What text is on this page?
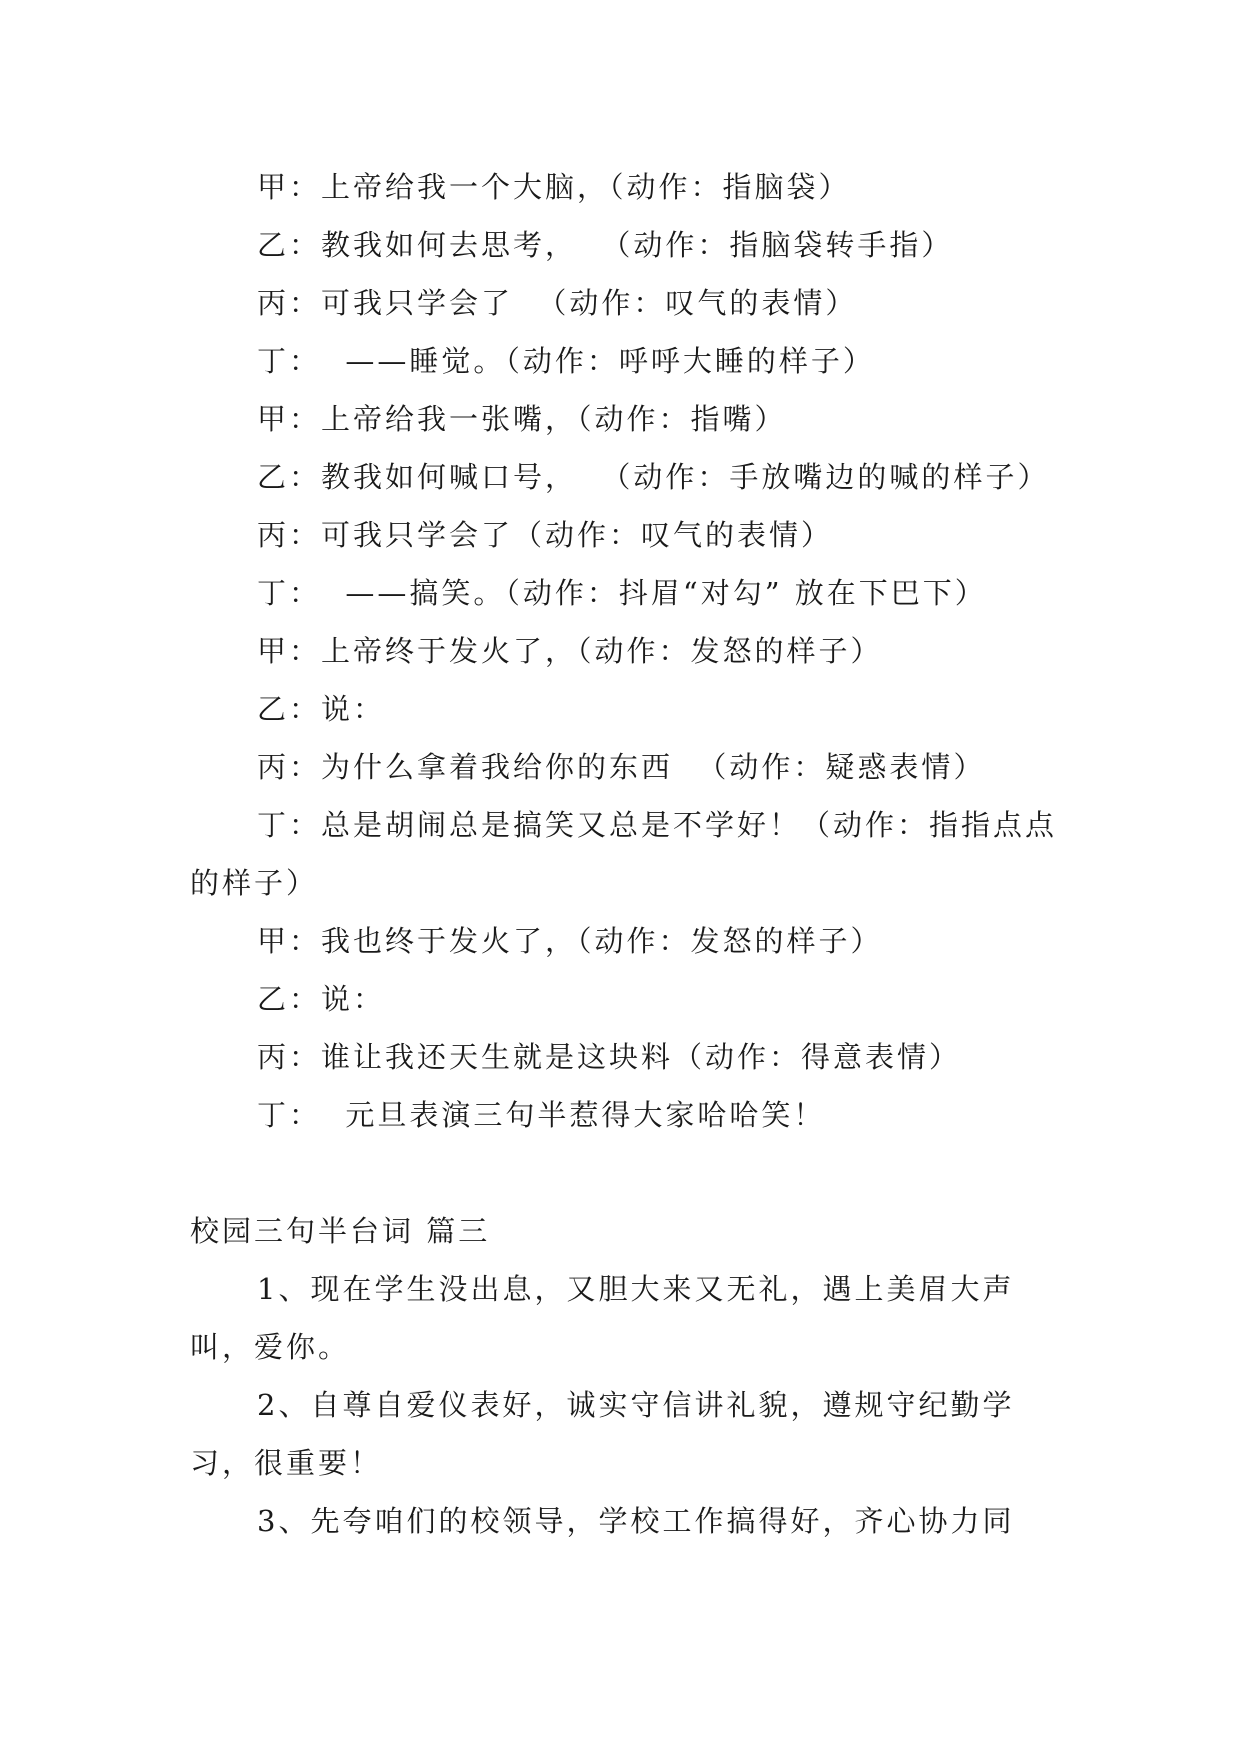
甲：上帝给我一个大脑，（动作：指脑袋）

乙：教我如何去思考，  （动作：指脑袋转手指）

丙：可我只学会了  （动作：叹气的表情）

丁：  ——睡觉。（动作：呼呼大睡的样子）

甲：上帝给我一张嘴，（动作：指嘴）

乙：教我如何喊口号，  （动作：手放嘴边的喊的样子）

丙：可我只学会了（动作：叹气的表情）

丁：  ——搞笑。（动作：抖眉“对勾” 放在下巴下）

甲：上帝终于发火了，（动作：发怒的样子）

乙：说：

丙：为什么拿着我给你的东西  （动作：疑惑表情）

丁：总是胡闹总是搞笑又总是不学好！（动作：指指点点的样子）

甲：我也终于发火了，（动作：发怒的样子）

乙：说：

丙：谁让我还天生就是这块料（动作：得意表情）

丁：  元旦表演三句半惹得大家哈哈笑！

校园三句半台词 篇三

1、现在学生没出息，又胆大来又无礼，遇上美眉大声叫，爱你。

2、自尊自爱仪表好，诚实守信讲礼貌，遵规守纪勤学习，很重要！

3、先夸咱们的校领导，学校工作搞得好，齐心协力同
